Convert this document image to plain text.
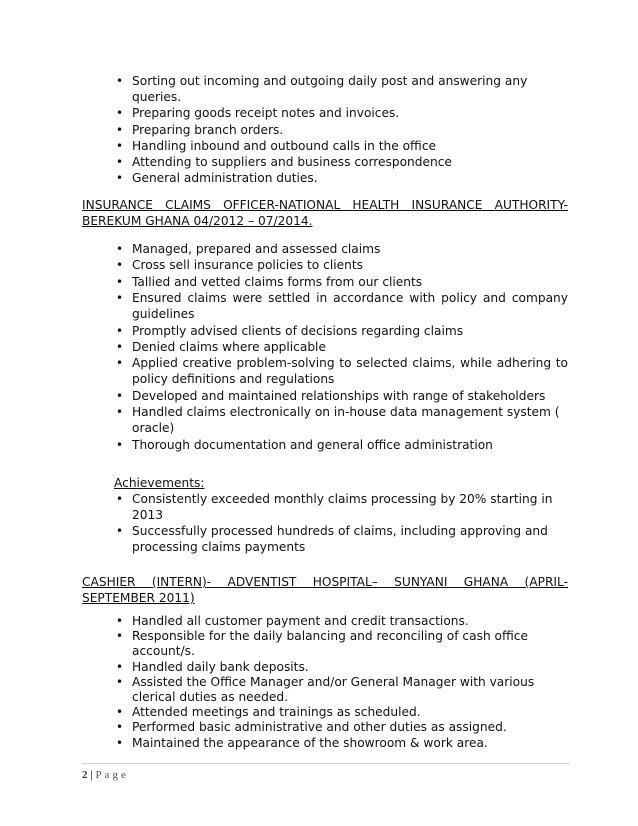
• Sorting out incoming and outgoing daily post and answering any queries.
• Preparing goods receipt notes and invoices.
• Preparing branch orders.
• Handling inbound and outbound calls in the office
• Attending to suppliers and business correspondence
• General administration duties.
INSURANCE CLAIMS OFFICER-NATIONAL HEALTH INSURANCE AUTHORITY-
BEREKUM GHANA 04/2012 – 07/2014.
• Managed, prepared and assessed claims
• Cross sell insurance policies to clients
• Tallied and vetted claims forms from our clients
• Ensured claims were settled in accordance with policy and company guidelines
• Promptly advised clients of decisions regarding claims
• Denied claims where applicable
• Applied creative problem-solving to selected claims, while adhering to policy definitions and regulations
• Developed and maintained relationships with range of stakeholders
• Handled claims electronically on in-house data management system ( oracle)
• Thorough documentation and general office administration
Achievements:
• Consistently exceeded monthly claims processing by 20% starting in 2013
• Successfully processed hundreds of claims, including approving and processing claims payments
CASHIER (INTERN)- ADVENTIST HOSPITAL– SUNYANI GHANA (APRIL-
SEPTEMBER 2011)
• Handled all customer payment and credit transactions.
• Responsible for the daily balancing and reconciling of cash office account/s.
• Handled daily bank deposits.
• Assisted the Office Manager and/or General Manager with various clerical duties as needed.
• Attended meetings and trainings as scheduled.
• Performed basic administrative and other duties as assigned.
• Maintained the appearance of the showroom & work area.
2 | Page
